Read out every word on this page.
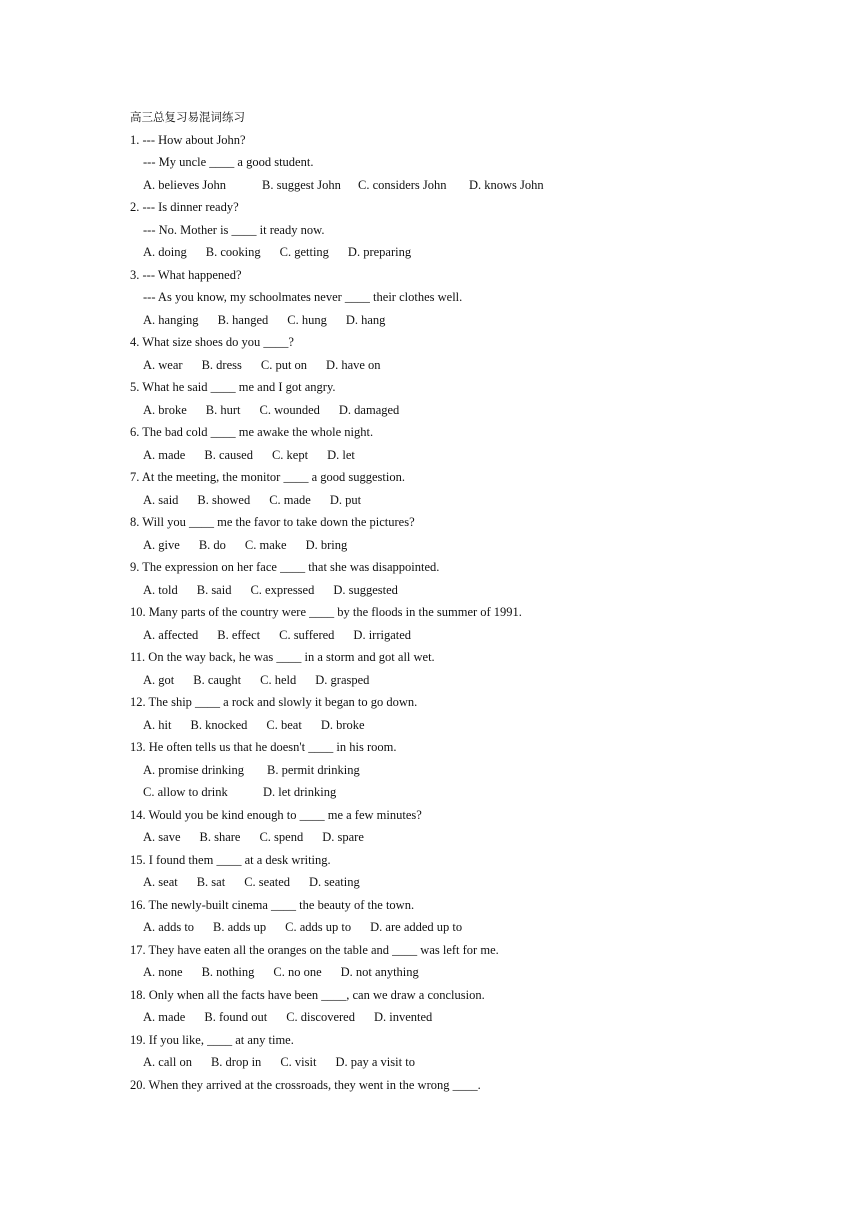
高三总复习易混词练习
1. --- How about John?
--- My uncle ____ a good student.
A. believes John	B. suggest John	C. considers John	D. knows John
2. --- Is dinner ready?
--- No. Mother is ____ it ready now.
A. doing B. cooking C. getting D. preparing
3. --- What happened?
--- As you know, my schoolmates never ____ their clothes well.
A. hanging B. hanged C. hung D. hang
4. What size shoes do you ____?
A. wear B. dress C. put on D. have on
5. What he said ____ me and I got angry.
A. broke B. hurt C. wounded D. damaged
6. The bad cold ____ me awake the whole night.
A. made B. caused C. kept D. let
7. At the meeting, the monitor ____ a good suggestion.
A. said B. showed C. made D. put
8. Will you ____ me the favor to take down the pictures?
A. give B. do C. make D. bring
9. The expression on her face ____ that she was disappointed.
A. told B. said C. expressed D. suggested
10. Many parts of the country were ____ by the floods in the summer of 1991.
A. affected B. effect C. suffered D. irrigated
11. On the way back, he was ____ in a storm and got all wet.
A. got B. caught C. held D. grasped
12. The ship ____ a rock and slowly it began to go down.
A. hit B. knocked C. beat D. broke
13. He often tells us that he doesn't ____ in his room.
A. promise drinking	B. permit drinking
C. allow to drink	D. let drinking
14. Would you be kind enough to ____ me a few minutes?
A. save B. share C. spend D. spare
15. I found them ____ at a desk writing.
A. seat B. sat C. seated D. seating
16. The newly-built cinema ____ the beauty of the town.
A. adds to B. adds up C. adds up to D. are added up to
17. They have eaten all the oranges on the table and ____ was left for me.
A. none B. nothing C. no one D. not anything
18. Only when all the facts have been ____, can we draw a conclusion.
A. made B. found out C. discovered D. invented
19. If you like, ____ at any time.
A. call on B. drop in C. visit D. pay a visit to
20. When they arrived at the crossroads, they went in the wrong ____.
